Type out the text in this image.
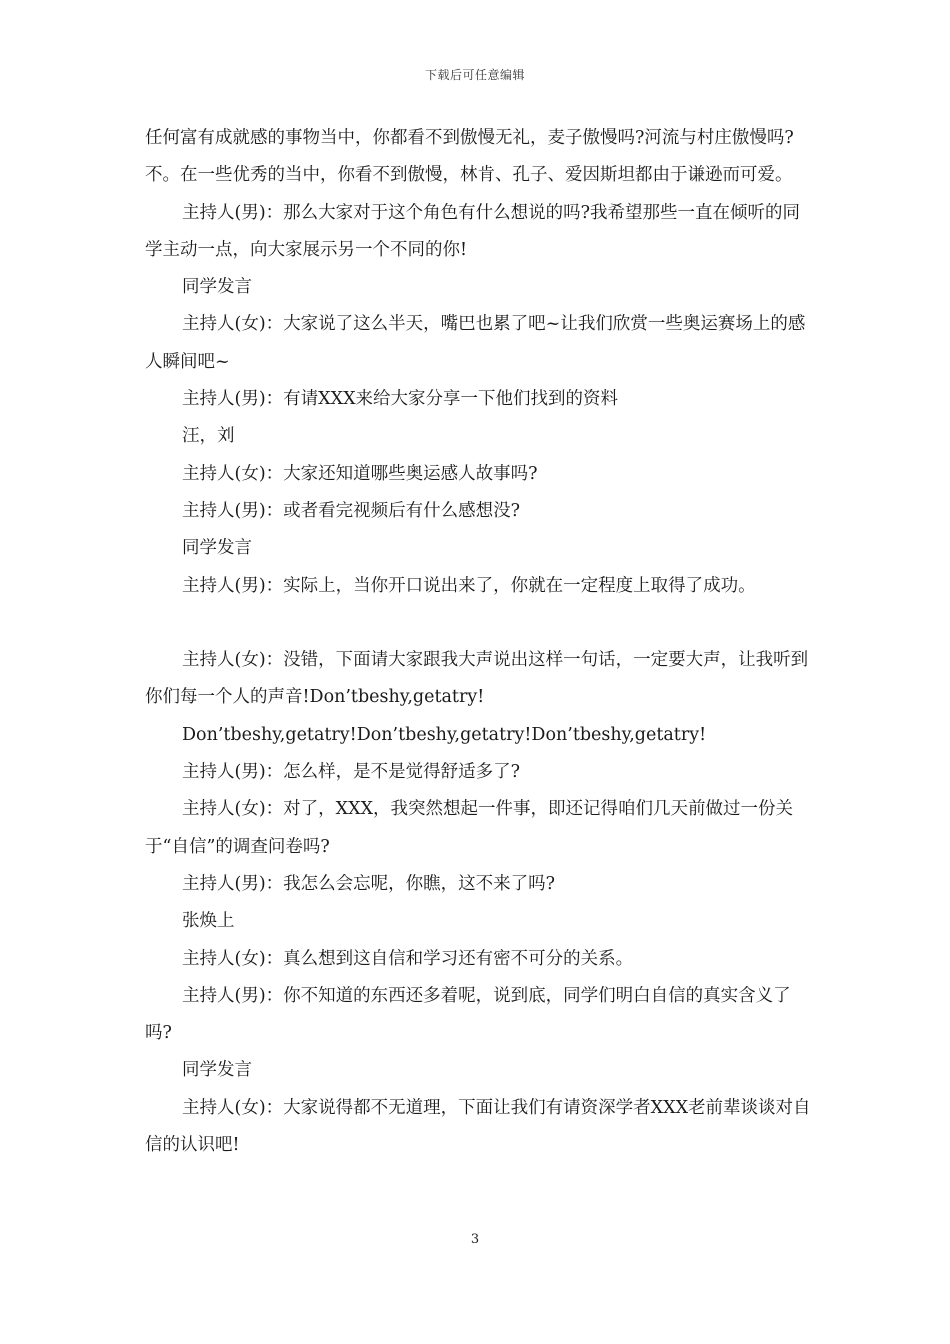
下载后可任意编辑

任何富有成就感的事物当中，你都看不到傲慢无礼，麦子傲慢吗?河流与村庄傲慢吗?不。在一些优秀的当中，你看不到傲慢，林肯、孔子、爱因斯坦都由于谦逊而可爱。

主持人(男)：那么大家对于这个角色有什么想说的吗?我希望那些一直在倾听的同学主动一点，向大家展示另一个不同的你!

同学发言

主持人(女)：大家说了这么半天，嘴巴也累了吧~让我们欣赏一些奥运赛场上的感人瞬间吧~

主持人(男)：有请XXX来给大家分享一下他们找到的资料

汪，刘

主持人(女)：大家还知道哪些奥运感人故事吗?

主持人(男)：或者看完视频后有什么感想没?

同学发言

主持人(男)：实际上，当你开口说出来了，你就在一定程度上取得了成功。

主持人(女)：没错，下面请大家跟我大声说出这样一句话，一定要大声，让我听到你们每一个人的声音!Don’tbeshy,getatry!

Don’tbeshy,getatry!Don’tbeshy,getatry!Don’tbeshy,getatry!

主持人(男)：怎么样，是不是觉得舒适多了?

主持人(女)：对了，XXX，我突然想起一件事，即还记得咱们几天前做过一份关于“自信”的调查问卷吗?

主持人(男)：我怎么会忘呢，你瞧，这不来了吗?

张焕上

主持人(女)：真么想到这自信和学习还有密不可分的关系。

主持人(男)：你不知道的东西还多着呢，说到底，同学们明白自信的真实含义了吗?

同学发言

主持人(女)：大家说得都不无道理，下面让我们有请资深学者XXX老前辈谈谈对自信的认识吧!

3
